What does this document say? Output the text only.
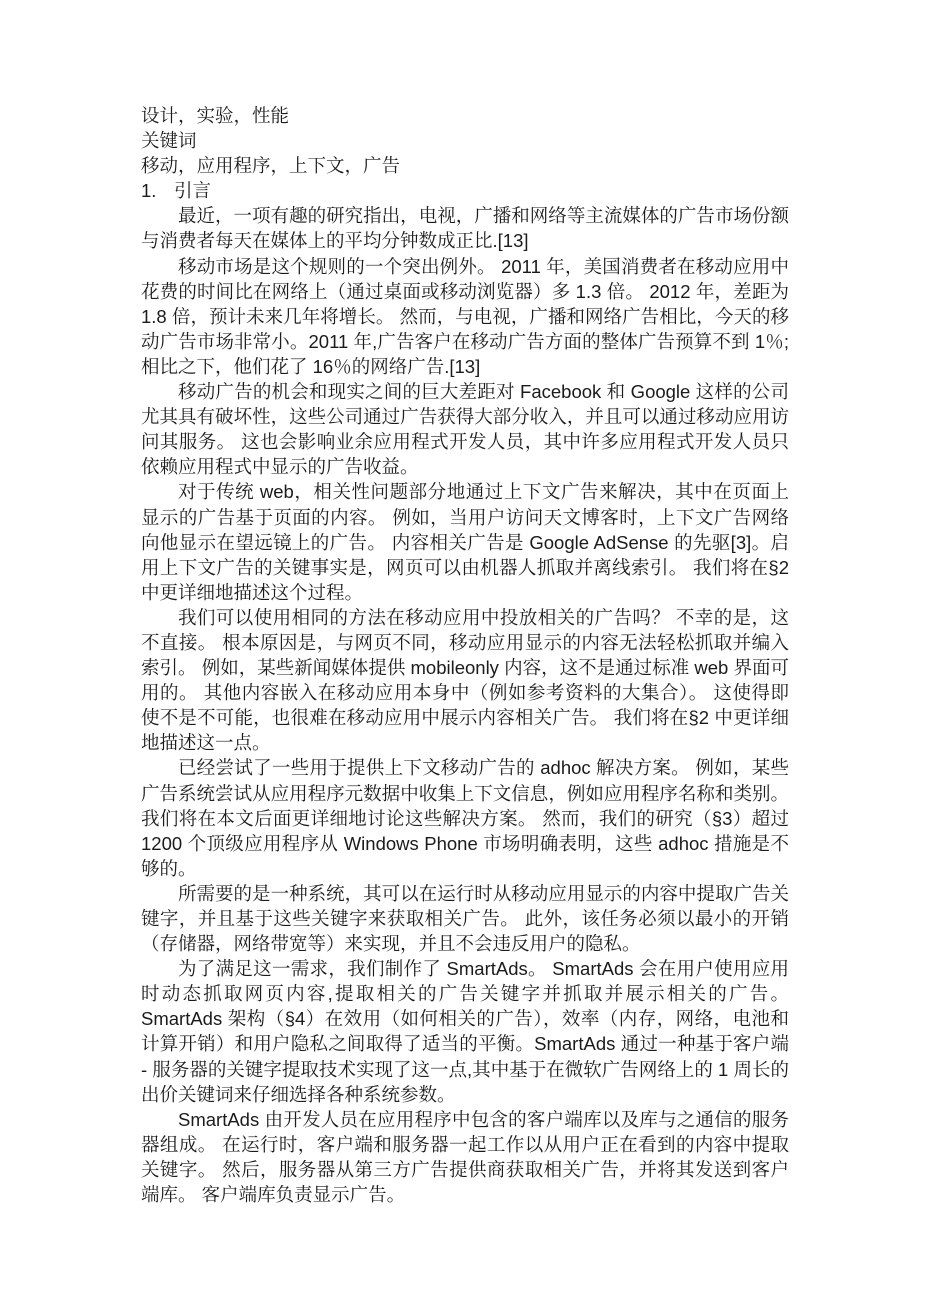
设计，实验，性能
关键词
移动，应用程序，上下文，广告
1. 引言

最近，一项有趣的研究指出，电视，广播和网络等主流媒体的广告市场份额与消费者每天在媒体上的平均分钟数成正比.[13]

移动市场是这个规则的一个突出例外。 2011 年，美国消费者在移动应用中花费的时间比在网络上（通过桌面或移动浏览器）多 1.3 倍。 2012 年，差距为 1.8 倍，预计未来几年将增长。 然而，与电视，广播和网络广告相比，今天的移动广告市场非常小。2011 年,广告客户在移动广告方面的整体广告预算不到 1％;相比之下，他们花了 16％的网络广告.[13]

移动广告的机会和现实之间的巨大差距对 Facebook 和 Google 这样的公司尤其具有破坏性，这些公司通过广告获得大部分收入，并且可以通过移动应用访问其服务。 这也会影响业余应用程式开发人员，其中许多应用程式开发人员只依赖应用程式中显示的广告收益。

对于传统 web，相关性问题部分地通过上下文广告来解决，其中在页面上显示的广告基于页面的内容。 例如，当用户访问天文博客时，上下文广告网络向他显示在望远镜上的广告。 内容相关广告是 Google AdSense 的先驱[3]。启用上下文广告的关键事实是，网页可以由机器人抓取并离线索引。 我们将在§2 中更详细地描述这个过程。

我们可以使用相同的方法在移动应用中投放相关的广告吗？ 不幸的是，这不直接。 根本原因是，与网页不同，移动应用显示的内容无法轻松抓取并编入索引。 例如，某些新闻媒体提供 mobileonly 内容，这不是通过标准 web 界面可用的。 其他内容嵌入在移动应用本身中（例如参考资料的大集合）。 这使得即使不是不可能，也很难在移动应用中展示内容相关广告。 我们将在§2 中更详细地描述这一点。

已经尝试了一些用于提供上下文移动广告的 adhoc 解决方案。 例如，某些广告系统尝试从应用程序元数据中收集上下文信息，例如应用程序名称和类别。我们将在本文后面更详细地讨论这些解决方案。 然而，我们的研究（§3）超过 1200 个顶级应用程序从 Windows Phone 市场明确表明，这些 adhoc 措施是不够的。

所需要的是一种系统，其可以在运行时从移动应用显示的内容中提取广告关键字，并且基于这些关键字来获取相关广告。 此外，该任务必须以最小的开销（存储器，网络带宽等）来实现，并且不会违反用户的隐私。

为了满足这一需求，我们制作了 SmartAds。 SmartAds 会在用户使用应用时动态抓取网页内容,提取相关的广告关键字并抓取并展示相关的广告。SmartAds 架构（§4）在效用（如何相关的广告），效率（内存，网络，电池和计算开销）和用户隐私之间取得了适当的平衡。SmartAds 通过一种基于客户端 - 服务器的关键字提取技术实现了这一点,其中基于在微软广告网络上的 1 周长的出价关键词来仔细选择各种系统参数。

SmartAds 由开发人员在应用程序中包含的客户端库以及库与之通信的服务器组成。 在运行时，客户端和服务器一起工作以从用户正在看到的内容中提取关键字。 然后，服务器从第三方广告提供商获取相关广告，并将其发送到客户端库。 客户端库负责显示广告。
